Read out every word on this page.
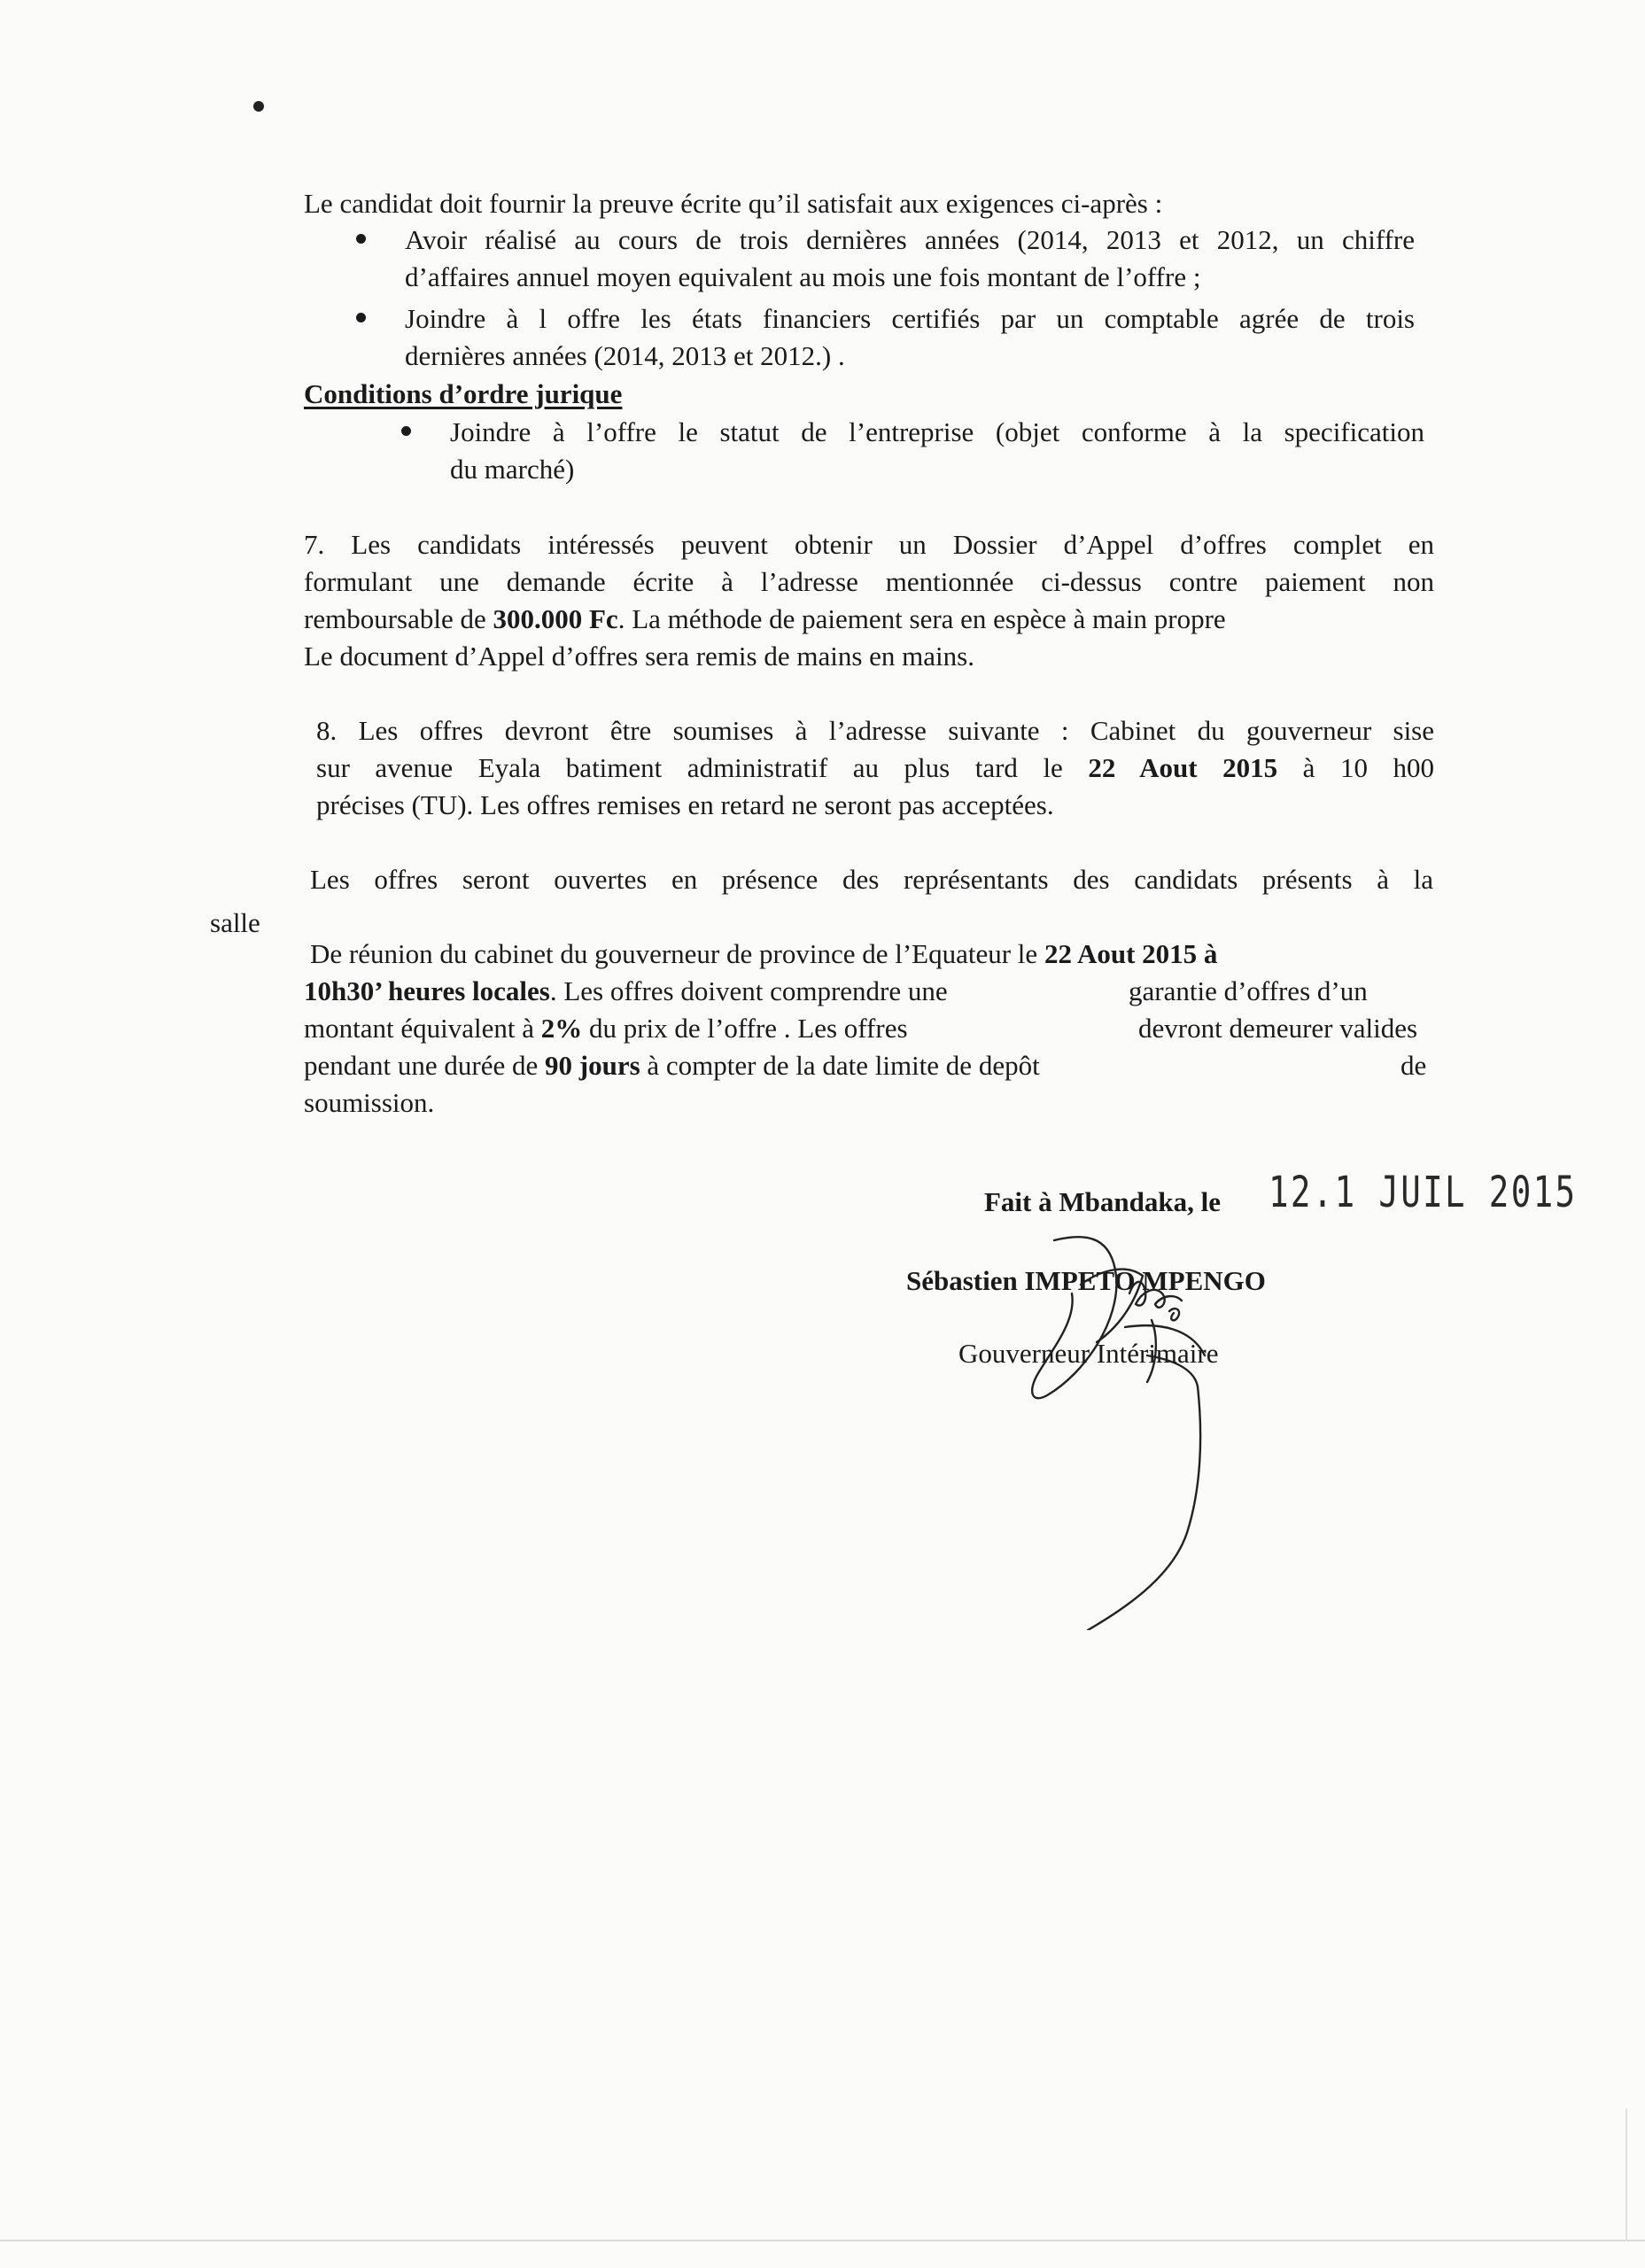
Le candidat doit fournir la preuve écrite qu’il satisfait aux exigences ci-après :
Avoir réalisé au cours de trois dernières années (2014, 2013 et 2012, un chiffre
d’affaires annuel moyen equivalent au mois une fois montant de l’offre ;
Joindre à l offre les états financiers certifiés par un comptable agrée de trois
dernières années (2014, 2013 et 2012.) .
Conditions d’ordre jurique
Joindre à l’offre le statut de l’entreprise (objet conforme à la specification
du marché)
7. Les candidats intéressés peuvent obtenir un Dossier d’Appel d’offres complet en
formulant une demande écrite à l’adresse mentionnée ci-dessus contre paiement non
remboursable de 300.000 Fc. La méthode de paiement sera en espèce à main propre
Le document d’Appel d’offres sera remis de mains en mains.
8. Les offres devront être soumises à l’adresse suivante : Cabinet du gouverneur sise
sur avenue Eyala batiment administratif au plus tard le 22 Aout 2015 à 10 h00
précises (TU). Les offres remises en retard ne seront pas acceptées.
Les offres seront ouvertes en présence des représentants des candidats présents à la
salle
De réunion du cabinet du gouverneur de province de l’Equateur le 22 Aout 2015 à
10h30’ heures locales. Les offres doivent comprendre une	garantie d’offres d’un
montant équivalent à 2% du prix de l’offre . Les offres	devront demeurer valides
pendant une durée de 90 jours à compter de la date limite de depôt	de
soumission.
Fait à Mbandaka, le 12.1 JUIL 2015
Sébastien IMPETO MPENGO
Gouverneur Intérimaire
